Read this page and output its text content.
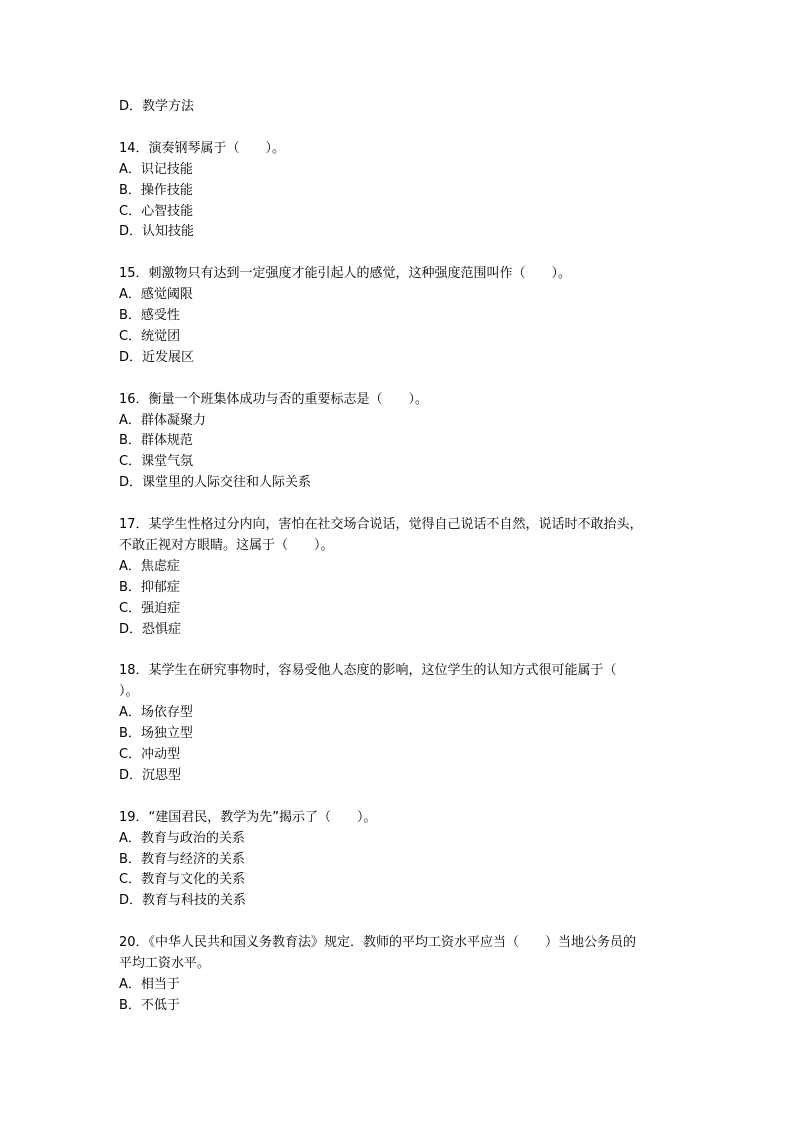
D．教学方法

14．演奏钢琴属于（　　）。

A．识记技能

B．操作技能

C．心智技能

D．认知技能

15．刺激物只有达到一定强度才能引起人的感觉，这种强度范围叫作（　　）。

A．感觉阈限

B．感受性

C．统觉团

D．近发展区

16．衡量一个班集体成功与否的重要标志是（　　）。

A．群体凝聚力

B．群体规范

C．课堂气氛

D．课堂里的人际交往和人际关系

17．某学生性格过分内向，害怕在社交场合说话，觉得自己说话不自然，说话时不敢抬头，

不敢正视对方眼睛。这属于（　　）。

A．焦虑症

B．抑郁症

C．强迫症

D．恐惧症

18．某学生在研究事物时，容易受他人态度的影响，这位学生的认知方式很可能属于（

）。

A．场依存型

B．场独立型

C．冲动型

D．沉思型

19．“建国君民，教学为先”揭示了（　　）。

A．教育与政治的关系

B．教育与经济的关系

C．教育与文化的关系

D．教育与科技的关系

20．《中华人民共和国义务教育法》规定．教师的平均工资水平应当（　　）当地公务员的

平均工资水平。

A．相当于

B．不低于
